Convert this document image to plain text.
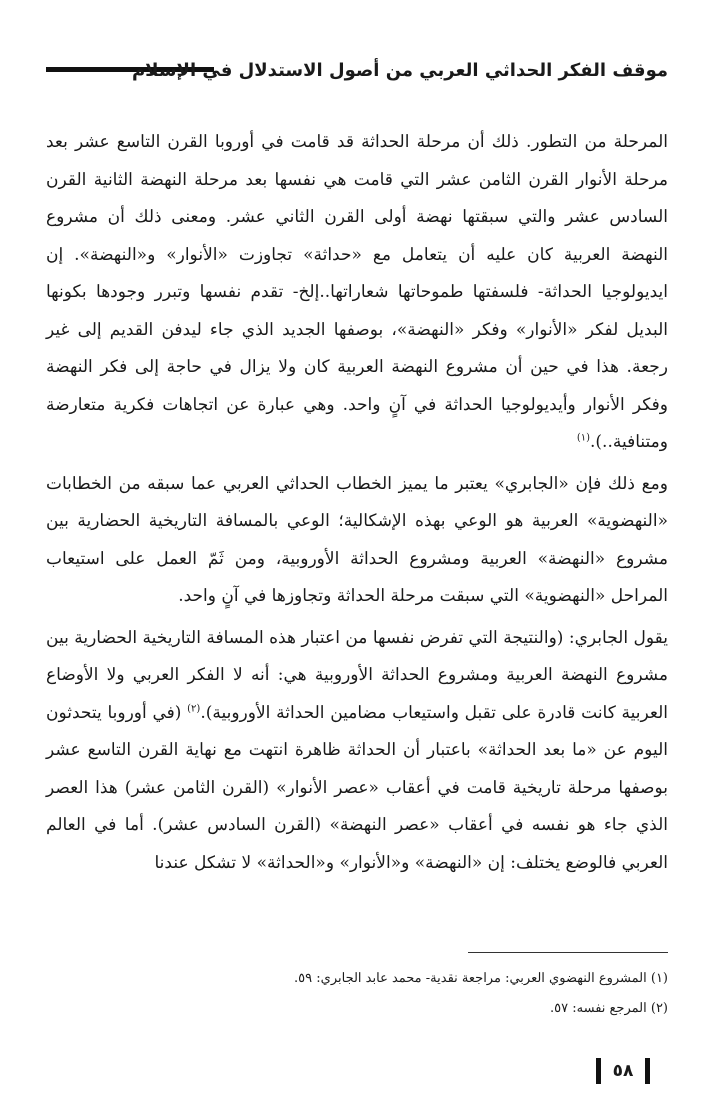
موقف الفكر الحداثي العربي من أصول الاستدلال في الإسلام

المرحلة من التطور. ذلك أن مرحلة الحداثة قد قامت في أوروبا القرن التاسع عشر بعد مرحلة الأنوار القرن الثامن عشر التي قامت هي نفسها بعد مرحلة النهضة الثانية القرن السادس عشر والتي سبقتها نهضة أولى القرن الثاني عشر. ومعنى ذلك أن مشروع النهضة العربية كان عليه أن يتعامل مع «حداثة» تجاوزت «الأنوار» و«النهضة». إن ايديولوجيا الحداثة- فلسفتها طموحاتها شعاراتها..إلخ- تقدم نفسها وتبرر وجودها بكونها البديل لفكر «الأنوار» وفكر «النهضة»، بوصفها الجديد الذي جاء ليدفن القديم إلى غير رجعة. هذا في حين أن مشروع النهضة العربية كان ولا يزال في حاجة إلى فكر النهضة وفكر الأنوار وأيديولوجيا الحداثة في آنٍ واحد. وهي عبارة عن اتجاهات فكرية متعارضة ومتنافية..).$^{(١)}$

ومع ذلك فإن «الجابري» يعتبر ما يميز الخطاب الحداثي العربي عما سبقه من الخطابات «النهضوية» العربية هو الوعي بهذه الإشكالية؛ الوعي بالمسافة التاريخية الحضارية بين مشروع «النهضة» العربية ومشروع الحداثة الأوروبية، ومن ثَمّ العمل على استيعاب المراحل «النهضوية» التي سبقت مرحلة الحداثة وتجاوزها في آنٍ واحد.

يقول الجابري: (والنتيجة التي تفرض نفسها من اعتبار هذه المسافة التاريخية الحضارية بين مشروع النهضة العربية ومشروع الحداثة الأوروبية هي: أنه لا الفكر العربي ولا الأوضاع العربية كانت قادرة على تقبل واستيعاب مضامين الحداثة الأوروبية).$^{(٢)}$ (في أوروبا يتحدثون اليوم عن «ما بعد الحداثة» باعتبار أن الحداثة ظاهرة انتهت مع نهاية القرن التاسع عشر بوصفها مرحلة تاريخية قامت في أعقاب «عصر الأنوار» (القرن الثامن عشر) هذا العصر الذي جاء هو نفسه في أعقاب «عصر النهضة» (القرن السادس عشر). أما في العالم العربي فالوضع يختلف: إن «النهضة» و«الأنوار» و«الحداثة» لا تشكل عندنا

(١) المشروع النهضوي العربي: مراجعة نقدية- محمد عابد الجابري: ٥٩.

(٢) المرجع نفسه: ٥٧.

٥٨
